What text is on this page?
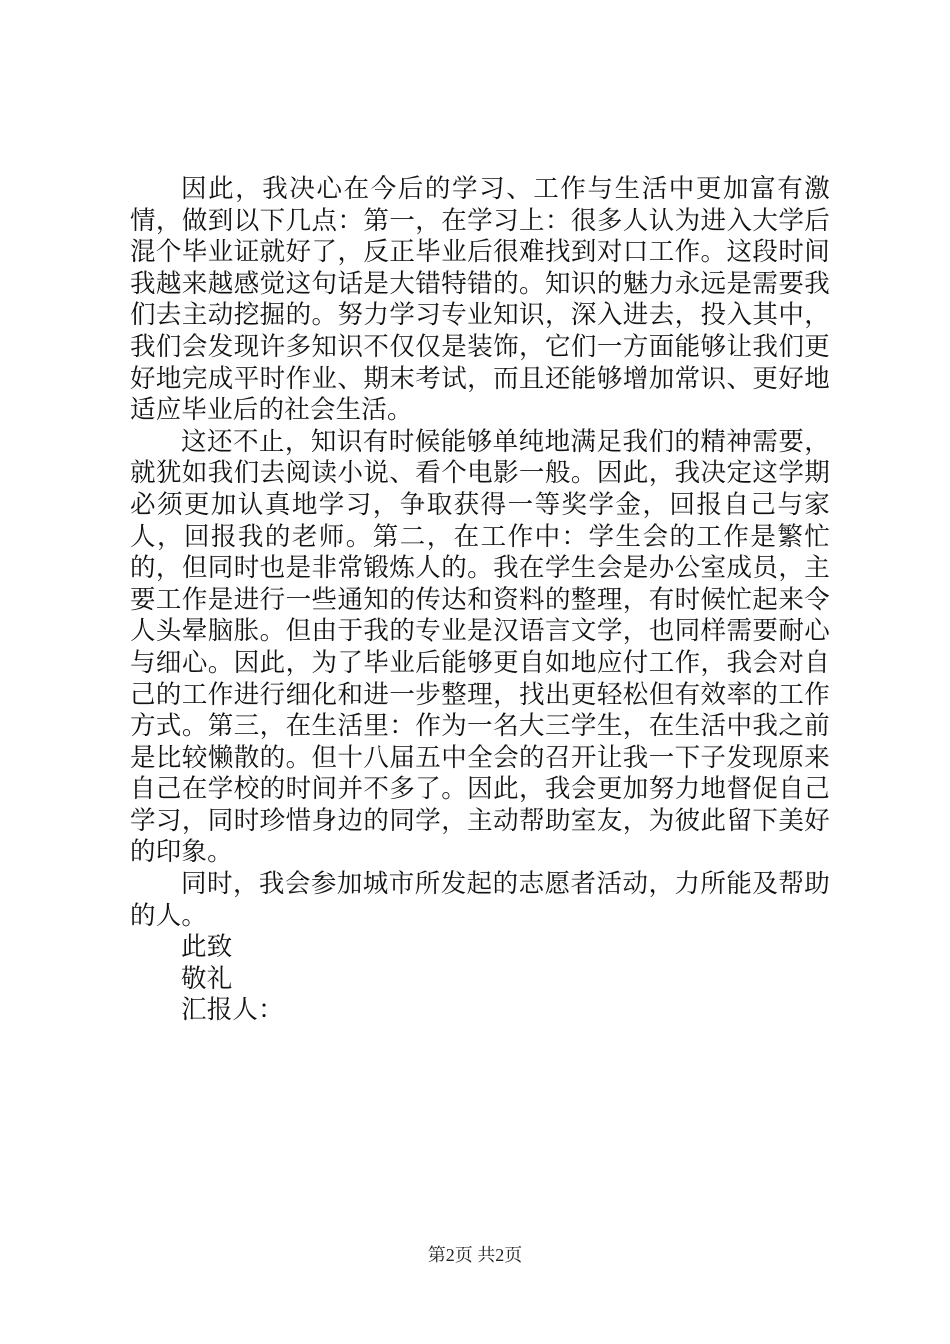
因此，我决心在今后的学习、工作与生活中更加富有激情，做到以下几点：第一，在学习上：很多人认为进入大学后混个毕业证就好了，反正毕业后很难找到对口工作。这段时间我越来越感觉这句话是大错特错的。知识的魅力永远是需要我们去主动挖掘的。努力学习专业知识，深入进去，投入其中，我们会发现许多知识不仅仅是装饰，它们一方面能够让我们更好地完成平时作业、期末考试，而且还能够增加常识、更好地适应毕业后的社会生活。

这还不止，知识有时候能够单纯地满足我们的精神需要，就犹如我们去阅读小说、看个电影一般。因此，我决定这学期必须更加认真地学习，争取获得一等奖学金，回报自己与家人，回报我的老师。第二，在工作中：学生会的工作是繁忙的，但同时也是非常锻炼人的。我在学生会是办公室成员，主要工作是进行一些通知的传达和资料的整理，有时候忙起来令人头晕脑胀。但由于我的专业是汉语言文学，也同样需要耐心与细心。因此，为了毕业后能够更自如地应付工作，我会对自己的工作进行细化和进一步整理，找出更轻松但有效率的工作方式。第三，在生活里：作为一名大三学生，在生活中我之前是比较懒散的。但十八届五中全会的召开让我一下子发现原来自己在学校的时间并不多了。因此，我会更加努力地督促自己学习，同时珍惜身边的同学，主动帮助室友，为彼此留下美好的印象。

同时，我会参加城市所发起的志愿者活动，力所能及帮助的人。

此致

敬礼

汇报人：

第2页 共2页
